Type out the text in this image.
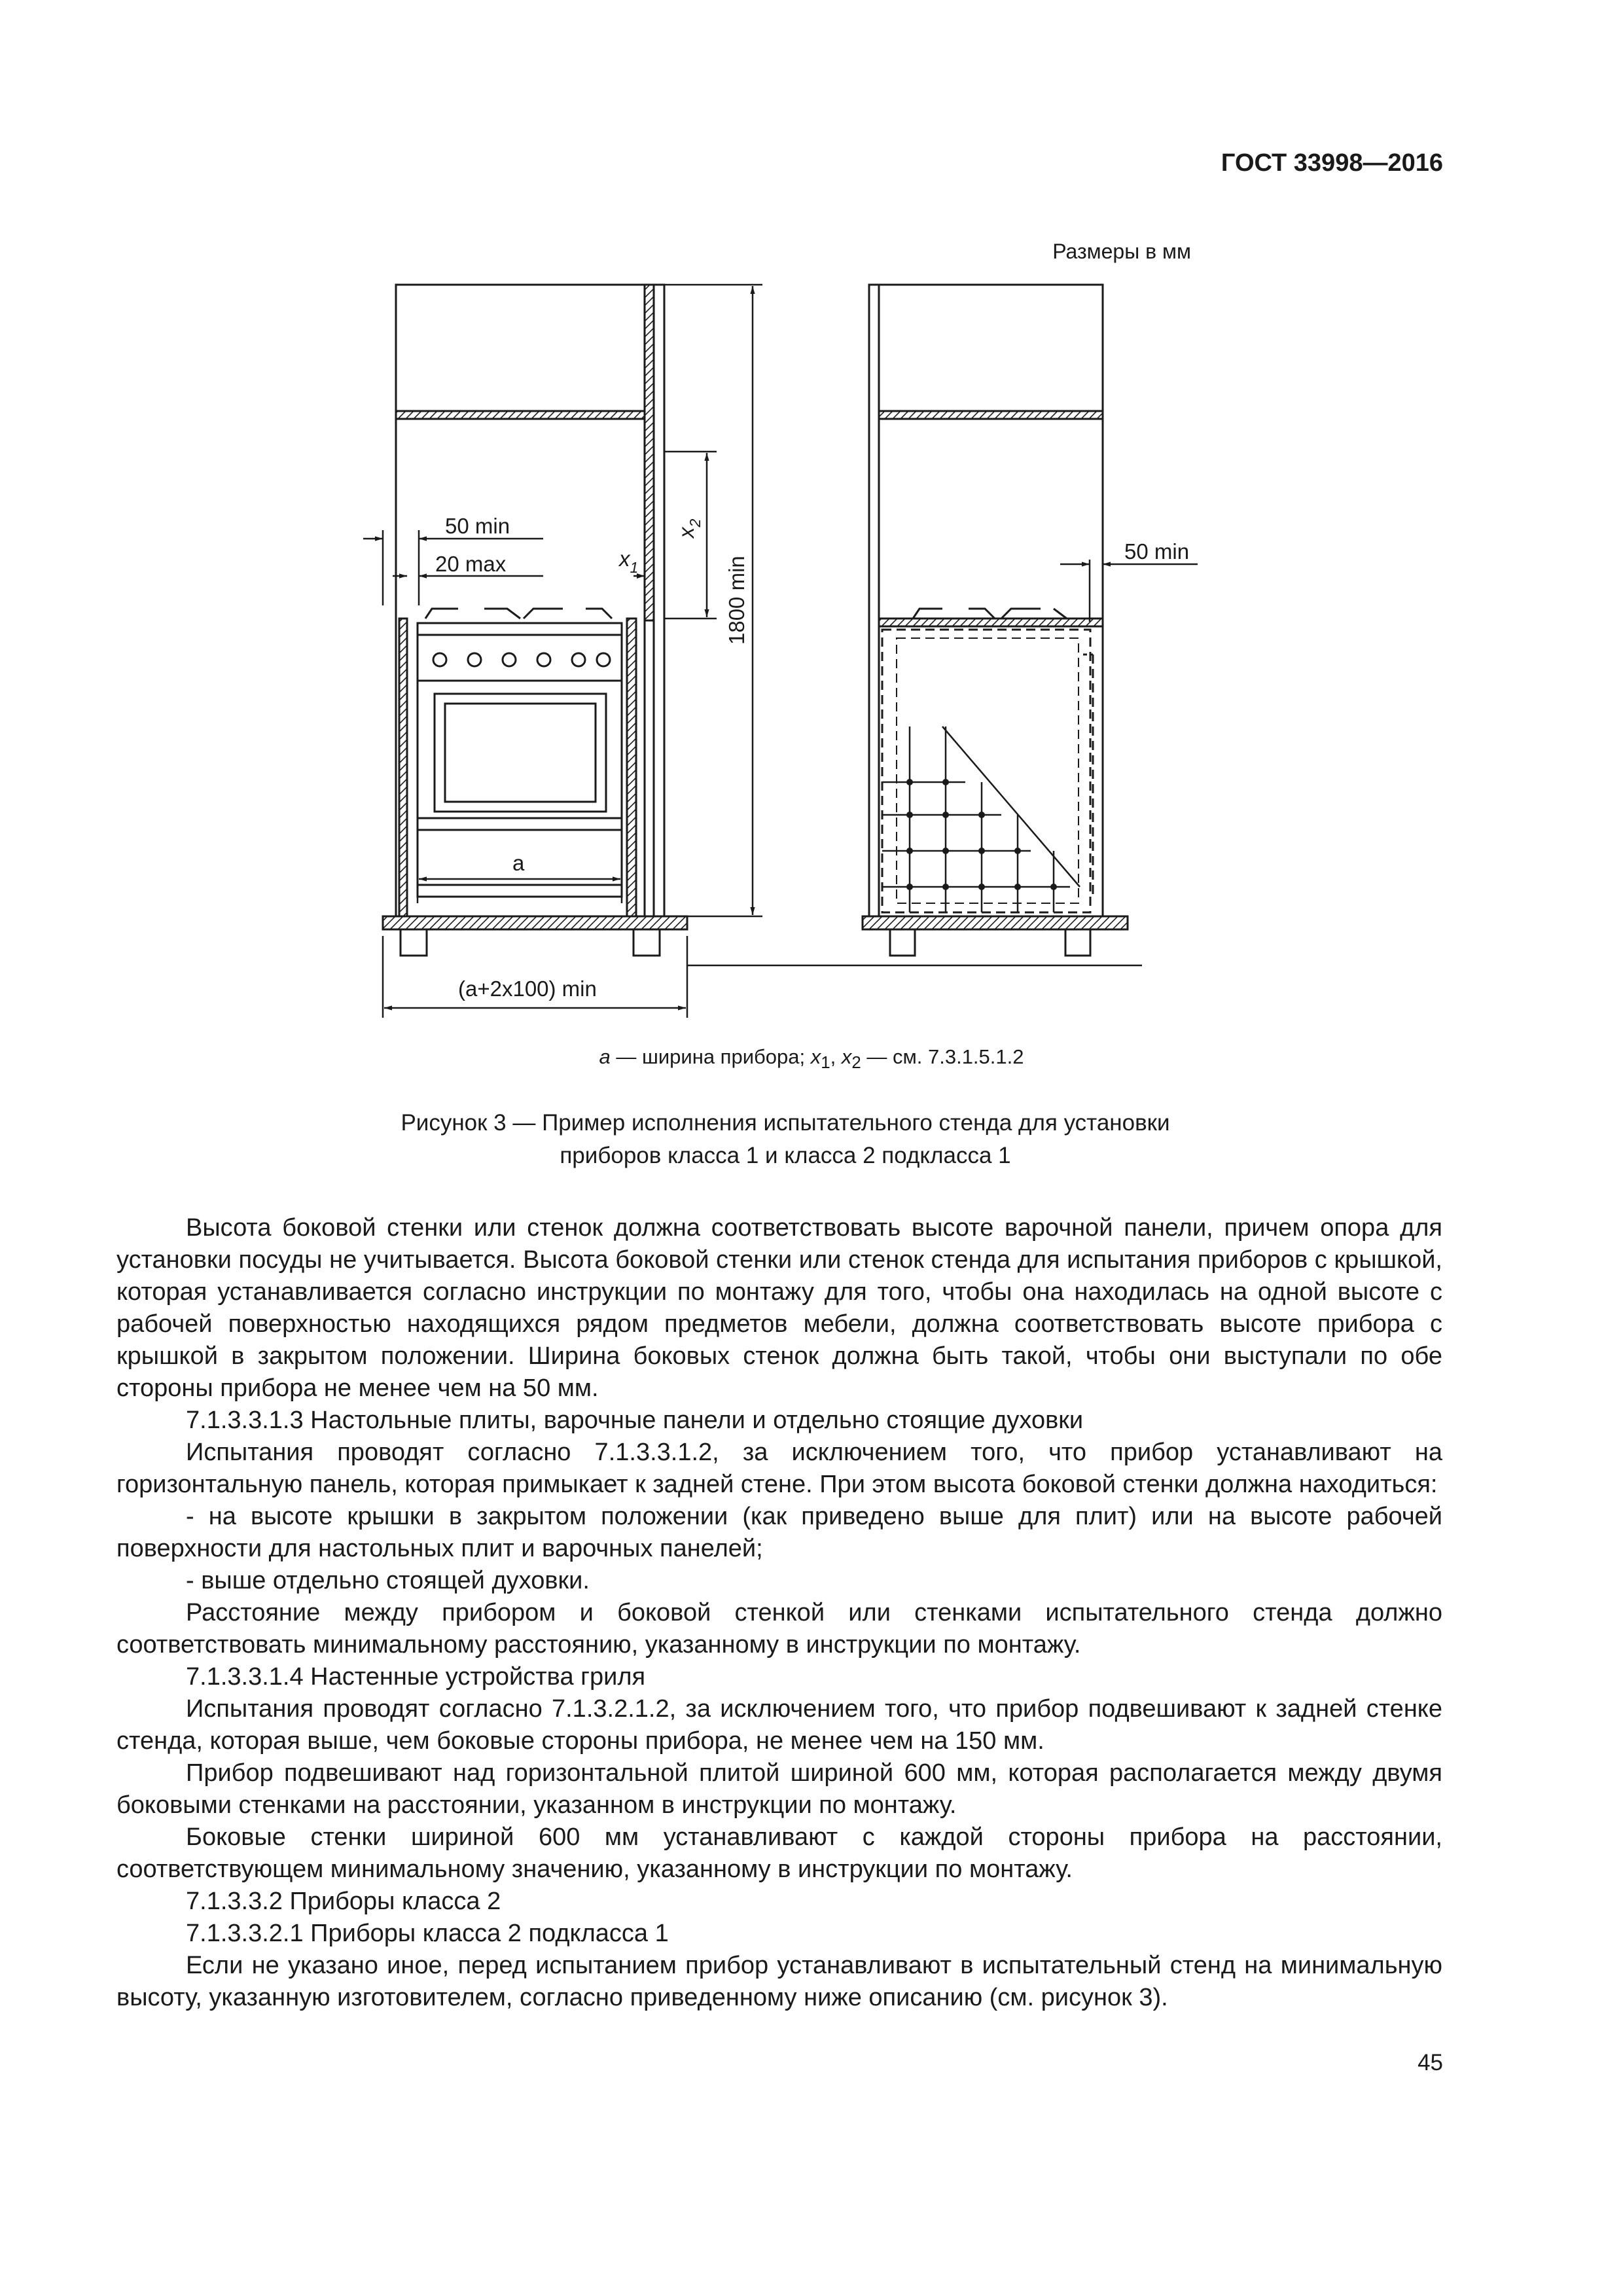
ГОСТ 33998—2016
Размеры в мм
50 min
20 max	$x_1$
$x_2$
1800 min
50 min
a
(a+2x100) min
a — ширина прибора; $x_1$, $x_2$ — см. 7.3.1.5.1.2
Рисунок 3 — Пример исполнения испытательного стенда для установки
приборов класса 1 и класса 2 подкласса 1

Высота боковой стенки или стенок должна соответствовать высоте варочной панели, причем опора для установки посуды не учитывается. Высота боковой стенки или стенок стенда для испытания приборов с крышкой, которая устанавливается согласно инструкции по монтажу для того, чтобы она находилась на одной высоте с рабочей поверхностью находящихся рядом предметов мебели, должна соответствовать высоте прибора с крышкой в закрытом положении. Ширина боковых стенок должна быть такой, чтобы они выступали по обе стороны прибора не менее чем на 50 мм.

7.1.3.3.1.3 Настольные плиты, варочные панели и отдельно стоящие духовки

Испытания проводят согласно 7.1.3.3.1.2, за исключением того, что прибор устанавливают на горизонтальную панель, которая примыкает к задней стене. При этом высота боковой стенки должна находиться:

- на высоте крышки в закрытом положении (как приведено выше для плит) или на высоте рабочей поверхности для настольных плит и варочных панелей;

- выше отдельно стоящей духовки.

Расстояние между прибором и боковой стенкой или стенками испытательного стенда должно соответствовать минимальному расстоянию, указанному в инструкции по монтажу.

7.1.3.3.1.4 Настенные устройства гриля

Испытания проводят согласно 7.1.3.2.1.2, за исключением того, что прибор подвешивают к задней стенке стенда, которая выше, чем боковые стороны прибора, не менее чем на 150 мм.

Прибор подвешивают над горизонтальной плитой шириной 600 мм, которая располагается между двумя боковыми стенками на расстоянии, указанном в инструкции по монтажу.

Боковые стенки шириной 600 мм устанавливают с каждой стороны прибора на расстоянии, соответствующем минимальному значению, указанному в инструкции по монтажу.

7.1.3.3.2 Приборы класса 2

7.1.3.3.2.1 Приборы класса 2 подкласса 1

Если не указано иное, перед испытанием прибор устанавливают в испытательный стенд на минимальную высоту, указанную изготовителем, согласно приведенному ниже описанию (см. рисунок 3).

45
